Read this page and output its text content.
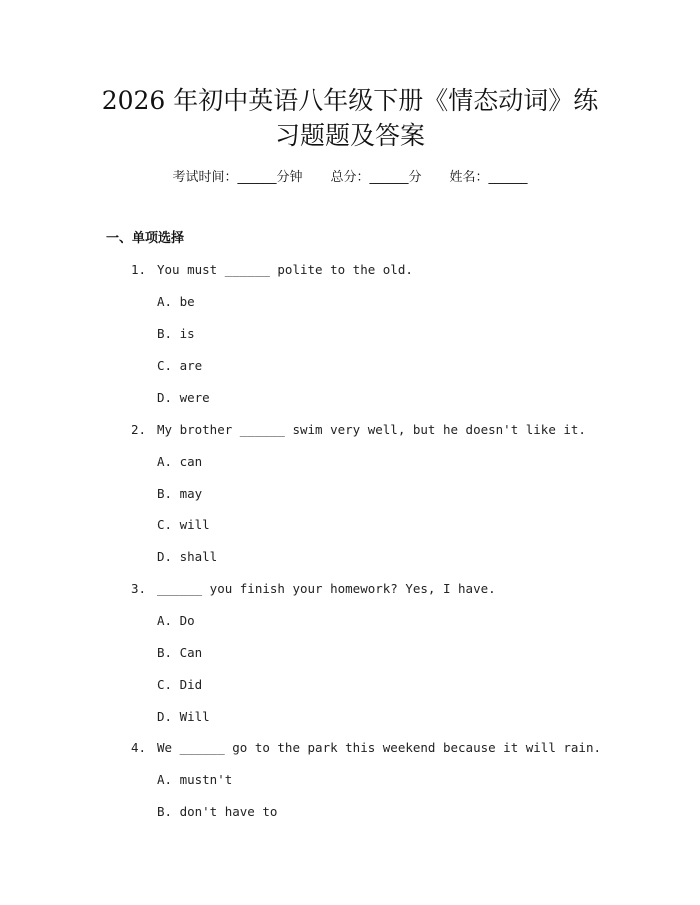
2026 年初中英语八年级下册《情态动词》练
习题题及答案
考试时间：______分钟 总分：______分 姓名：______
一、单项选择
1. You must ______ polite to the old.
A. be
B. is
C. are
D. were
2. My brother ______ swim very well, but he doesn't like it.
A. can
B. may
C. will
D. shall
3. ______ you finish your homework? Yes, I have.
A. Do
B. Can
C. Did
D. Will
4. We ______ go to the park this weekend because it will rain.
A. mustn't
B. don't have to
